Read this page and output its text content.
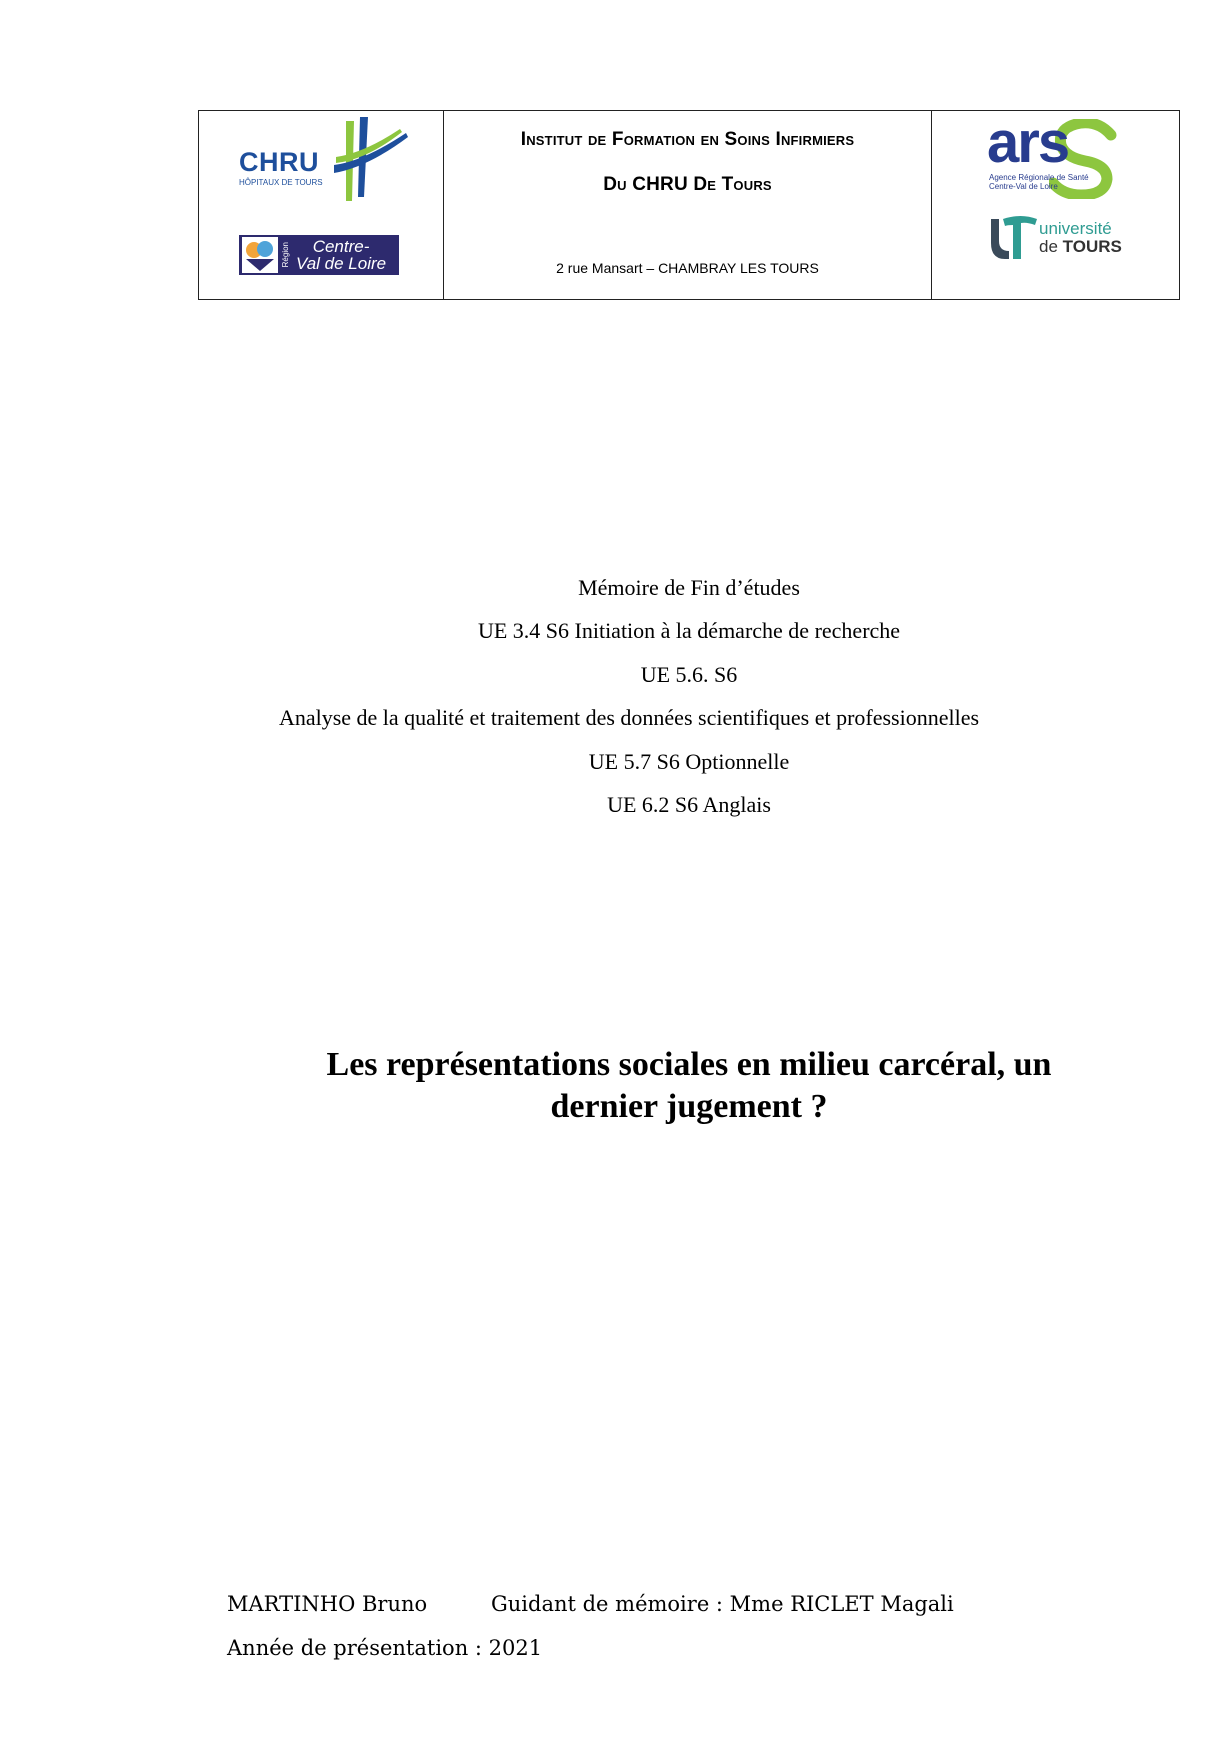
CHRU
HÔPITAUX DE TOURS
Région	Centre-
Val de Loire
Institut de Formation en Soins Infirmiers
Du CHRU De Tours
2 rue Mansart – CHAMBRAY LES TOURS
ars
Agence Régionale de Santé
Centre-Val de Loire
université
de TOURS
Mémoire de Fin d’études
UE 3.4 S6 Initiation à la démarche de recherche
UE 5.6. S6
Analyse de la qualité et traitement des données scientifiques et professionnelles
UE 5.7 S6 Optionnelle
UE 6.2 S6 Anglais
Les représentations sociales en milieu carcéral, un
dernier jugement ?
MARTINHO Bruno	Guidant de mémoire : Mme RICLET Magali
Année de présentation : 2021
